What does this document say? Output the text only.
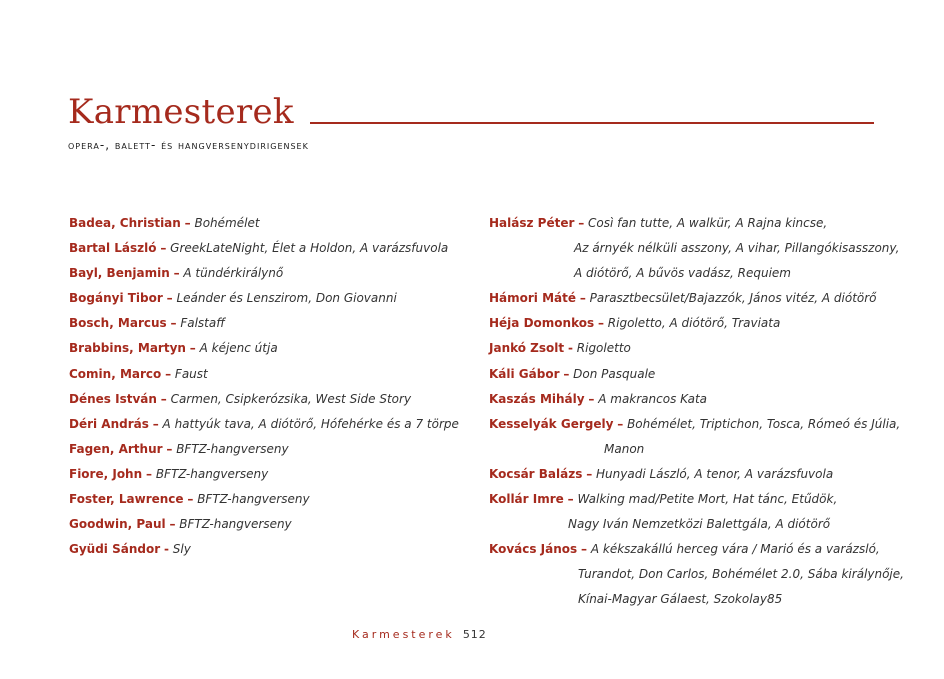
Karmesterek
opera-, balett- és hangversenydirigensek
Badea, Christian – Bohémélet
Bartal László – GreekLateNight, Élet a Holdon, A varázsfuvola
Bayl, Benjamin – A tündérkirálynő
Bogányi Tibor – Leánder és Lenszirom, Don Giovanni
Bosch, Marcus – Falstaff
Brabbins, Martyn – A kéjenc útja
Comin, Marco – Faust
Dénes István – Carmen, Csipkerózsika, West Side Story
Déri András – A hattyúk tava, A diótörő, Hófehérke és a 7 törpe
Fagen, Arthur – BFTZ-hangverseny
Fiore, John – BFTZ-hangverseny
Foster, Lawrence – BFTZ-hangverseny
Goodwin, Paul – BFTZ-hangverseny
Gyüdi Sándor - Sly
Halász Péter – Così fan tutte, A walkür, A Rajna kincse,
Az árnyék nélküli asszony, A vihar, Pillangókisasszony,
A diótörő, A bűvös vadász, Requiem
Hámori Máté – Parasztbecsület/Bajazzók, János vitéz, A diótörő
Héja Domonkos – Rigoletto, A diótörő, Traviata
Jankó Zsolt - Rigoletto
Káli Gábor – Don Pasquale
Kaszás Mihály – A makrancos Kata
Kesselyák Gergely – Bohémélet, Triptichon, Tosca, Rómeó és Júlia,
Manon
Kocsár Balázs – Hunyadi László, A tenor, A varázsfuvola
Kollár Imre – Walking mad/Petite Mort, Hat tánc, Etűdök,
Nagy Iván Nemzetközi Balettgála, A diótörő
Kovács János – A kékszakállú herceg vára / Marió és a varázsló,
Turandot, Don Carlos, Bohémélet 2.0, Sába királynője,
Kínai-Magyar Gálaest, Szokolay85
Karmesterek 512
